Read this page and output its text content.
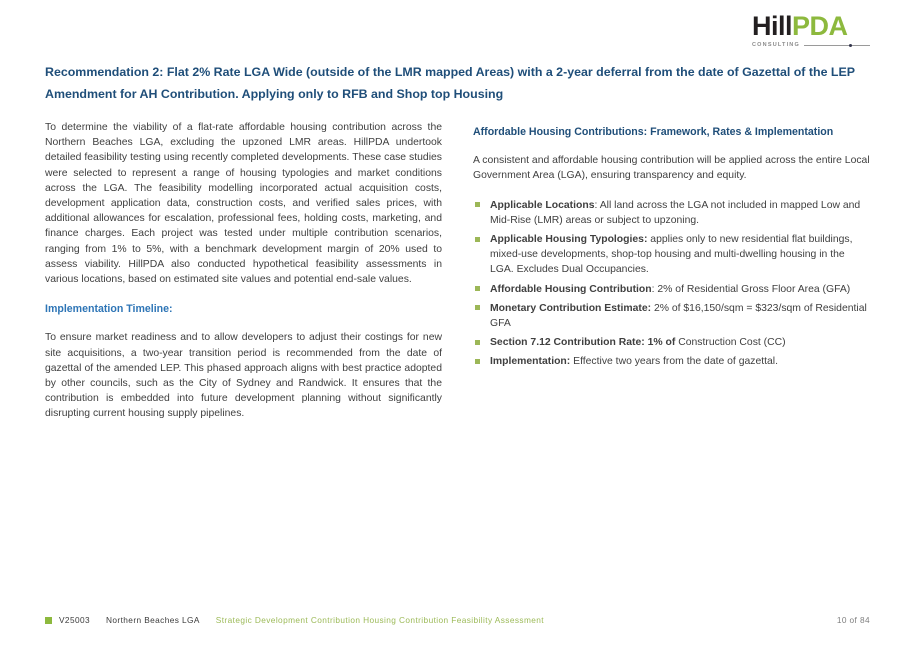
HillPDA
CONSULTING
Recommendation 2: Flat 2% Rate LGA Wide (outside of the LMR mapped Areas) with a 2-year deferral from the date of Gazettal of the LEP Amendment for AH Contribution. Applying only to RFB and Shop top Housing

To determine the viability of a flat-rate affordable housing contribution across the Northern Beaches LGA, excluding the upzoned LMR areas. HillPDA undertook detailed feasibility testing using recently completed developments. These case studies were selected to represent a range of housing typologies and market conditions across the LGA. The feasibility modelling incorporated actual acquisition costs, development application data, construction costs, and verified sales prices, with additional allowances for escalation, professional fees, holding costs, marketing, and finance charges. Each project was tested under multiple contribution scenarios, ranging from 1% to 5%, with a benchmark development margin of 20% used to assess viability. HillPDA also conducted hypothetical feasibility assessments in various locations, based on estimated site values and potential end-sale values.

Implementation Timeline:

To ensure market readiness and to allow developers to adjust their costings for new site acquisitions, a two-year transition period is recommended from the date of gazettal of the amended LEP. This phased approach aligns with best practice adopted by other councils, such as the City of Sydney and Randwick. It ensures that the contribution is embedded into future development planning without significantly disrupting current housing supply pipelines.

Affordable Housing Contributions: Framework, Rates & Implementation

A consistent and affordable housing contribution will be applied across the entire Local Government Area (LGA), ensuring transparency and equity.

Applicable Locations: All land across the LGA not included in mapped Low and Mid-Rise (LMR) areas or subject to upzoning.
Applicable Housing Typologies: applies only to new residential flat buildings, mixed-use developments, shop-top housing and multi-dwelling housing in the LGA. Excludes Dual Occupancies.
Affordable Housing Contribution: 2% of Residential Gross Floor Area (GFA)
Monetary Contribution Estimate: 2% of $16,150/sqm = $323/sqm of Residential GFA
Section 7.12 Contribution Rate: 1% of Construction Cost (CC)
Implementation: Effective two years from the date of gazettal.
V25003 Northern Beaches LGA Strategic Development Contribution Housing Contribution Feasibility Assessment	10 of 84
